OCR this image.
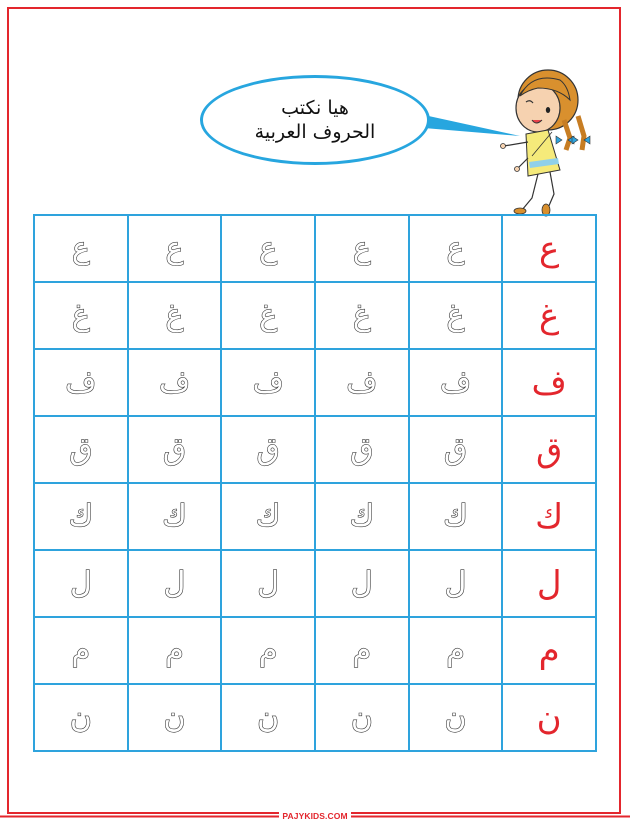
هيا نكتب
الحروف العربية
ع	ع	ع	ع	ع ع
غ	غ	غ	غ	غ غ
ف ف ف ف ف ف
ق ق ق ق ق ق
ك ك ك ك ك ك
ل ل ل ل ل ل
م	م	م	م	م م
ن ن ن ن ن ن
PAJYKIDS.COM
